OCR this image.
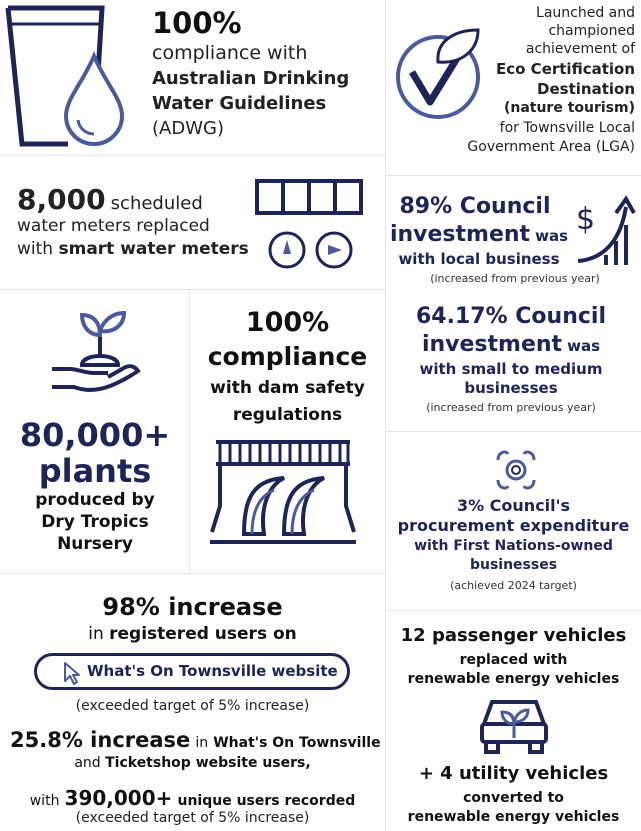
100%
compliance with
Australian Drinking
Water Guidelines
(ADWG)
Launched and
championed
achievement of
Eco Certification
Destination
(nature tourism)
for Townsville Local
Government Area (LGA)
8,000 scheduled
water meters replaced
with smart water meters
89% Council
investment was
with local business
(increased from previous year)
$
64.17% Council
investment was
with small to medium
businesses
(increased from previous year)
80,000+
plants
produced by
Dry Tropics
Nursery
100%
compliance
with dam safety
regulations
3% Council's
procurement expenditure
with First Nations-owned
businesses
(achieved 2024 target)
98% increase
in registered users on
What's On Townsville website
(exceeded target of 5% increase)
25.8% increase in What's On Townsville
and Ticketshop website users,
with 390,000+ unique users recorded
(exceeded target of 5% increase)
12 passenger vehicles
replaced with
renewable energy vehicles
+ 4 utility vehicles
converted to
renewable energy vehicles
